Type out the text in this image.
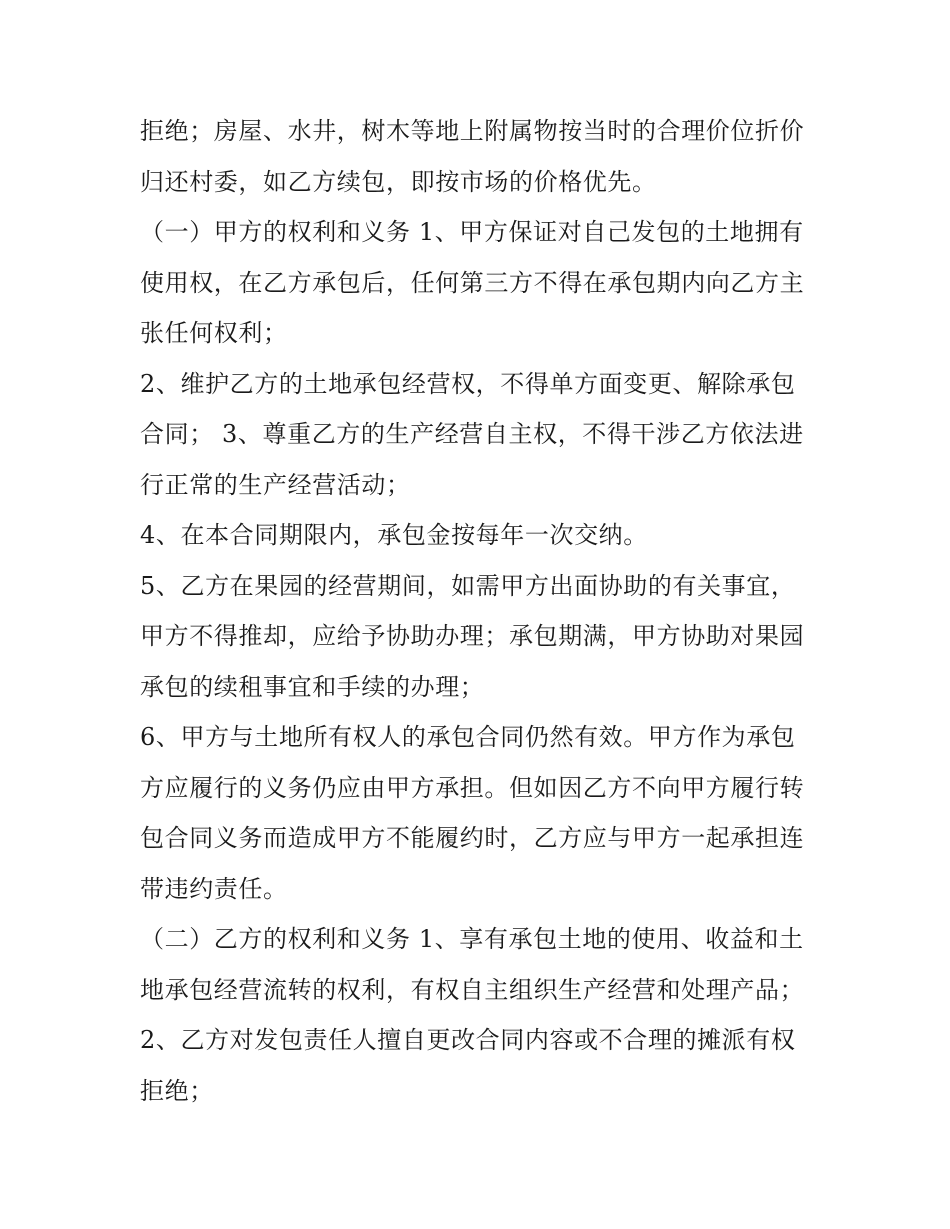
拒绝；房屋、水井，树木等地上附属物按当时的合理价位折价
归还村委，如乙方续包，即按市场的价格优先。
（一）甲方的权利和义务 1、甲方保证对自己发包的土地拥有
使用权，在乙方承包后，任何第三方不得在承包期内向乙方主
张任何权利；
2、维护乙方的土地承包经营权，不得单方面变更、解除承包
合同； 3、尊重乙方的生产经营自主权，不得干涉乙方依法进
行正常的生产经营活动；
4、在本合同期限内，承包金按每年一次交纳。
5、乙方在果园的经营期间，如需甲方出面协助的有关事宜，
甲方不得推却，应给予协助办理；承包期满，甲方协助对果园
承包的续租事宜和手续的办理；
6、甲方与土地所有权人的承包合同仍然有效。甲方作为承包
方应履行的义务仍应由甲方承担。但如因乙方不向甲方履行转
包合同义务而造成甲方不能履约时，乙方应与甲方一起承担连
带违约责任。
（二）乙方的权利和义务 1、享有承包土地的使用、收益和土
地承包经营流转的权利，有权自主组织生产经营和处理产品；
2、乙方对发包责任人擅自更改合同内容或不合理的摊派有权
拒绝；
